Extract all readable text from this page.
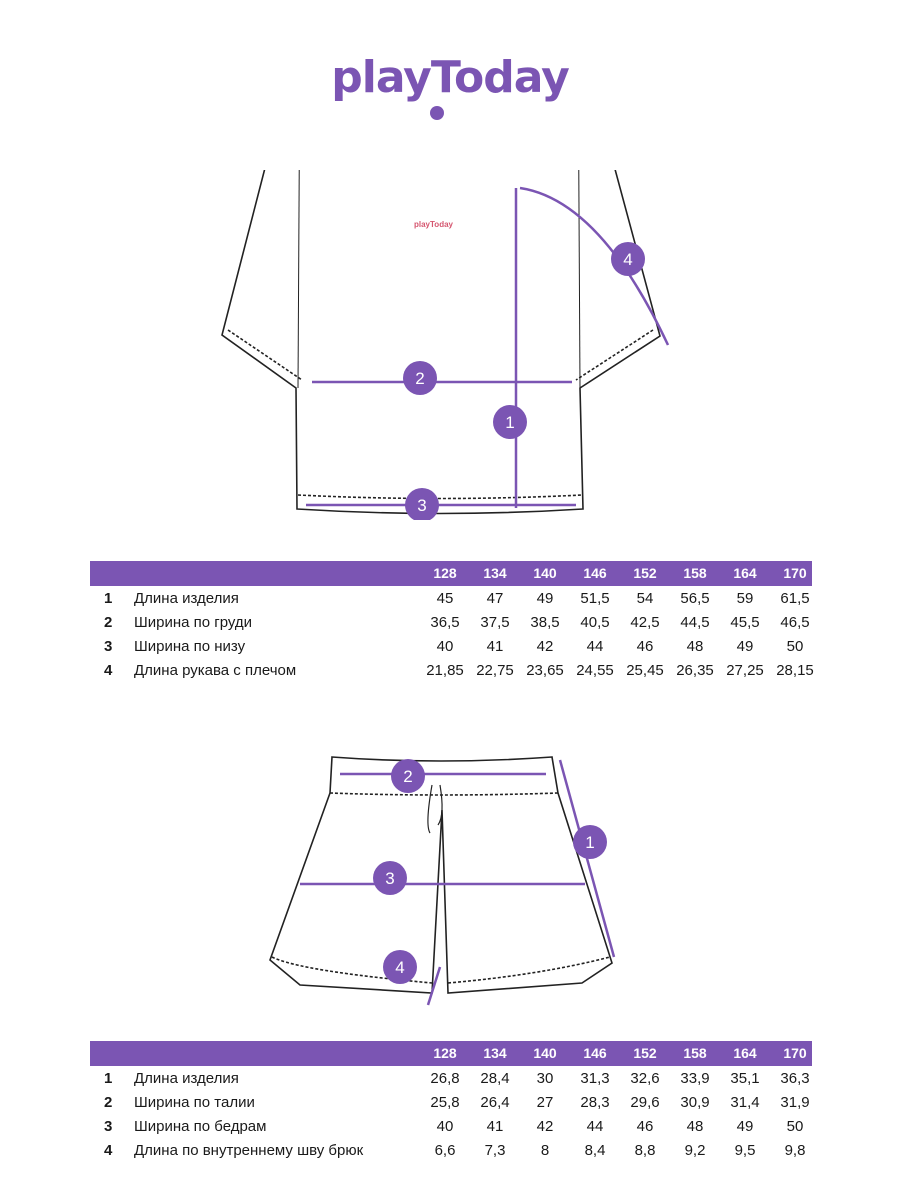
playToday
playToday
1
2
3
4
128	134	140	146	152	158	164	170
1 Длина изделия	45	47	49	51,5	54	56,5	59	61,5
2 Ширина по груди	36,5	37,5	38,5	40,5	42,5	44,5	45,5	46,5
3 Ширина по низу	40	41	42	44	46	48	49	50
4 Длина рукава с плечом	21,85 22,75 23,65 24,55 25,45 26,35 27,25 28,15
1
2
3
4
128	134	140	146	152	158	164	170
1 Длина изделия	26,8	28,4	30	31,3	32,6	33,9	35,1	36,3
2 Ширина по талии	25,8	26,4	27	28,3	29,6	30,9	31,4	31,9
3 Ширина по бедрам	40	41	42	44	46	48	49	50
4 Длина по внутреннему шву брюк	6,6	7,3	8	8,4	8,8	9,2	9,5	9,8
